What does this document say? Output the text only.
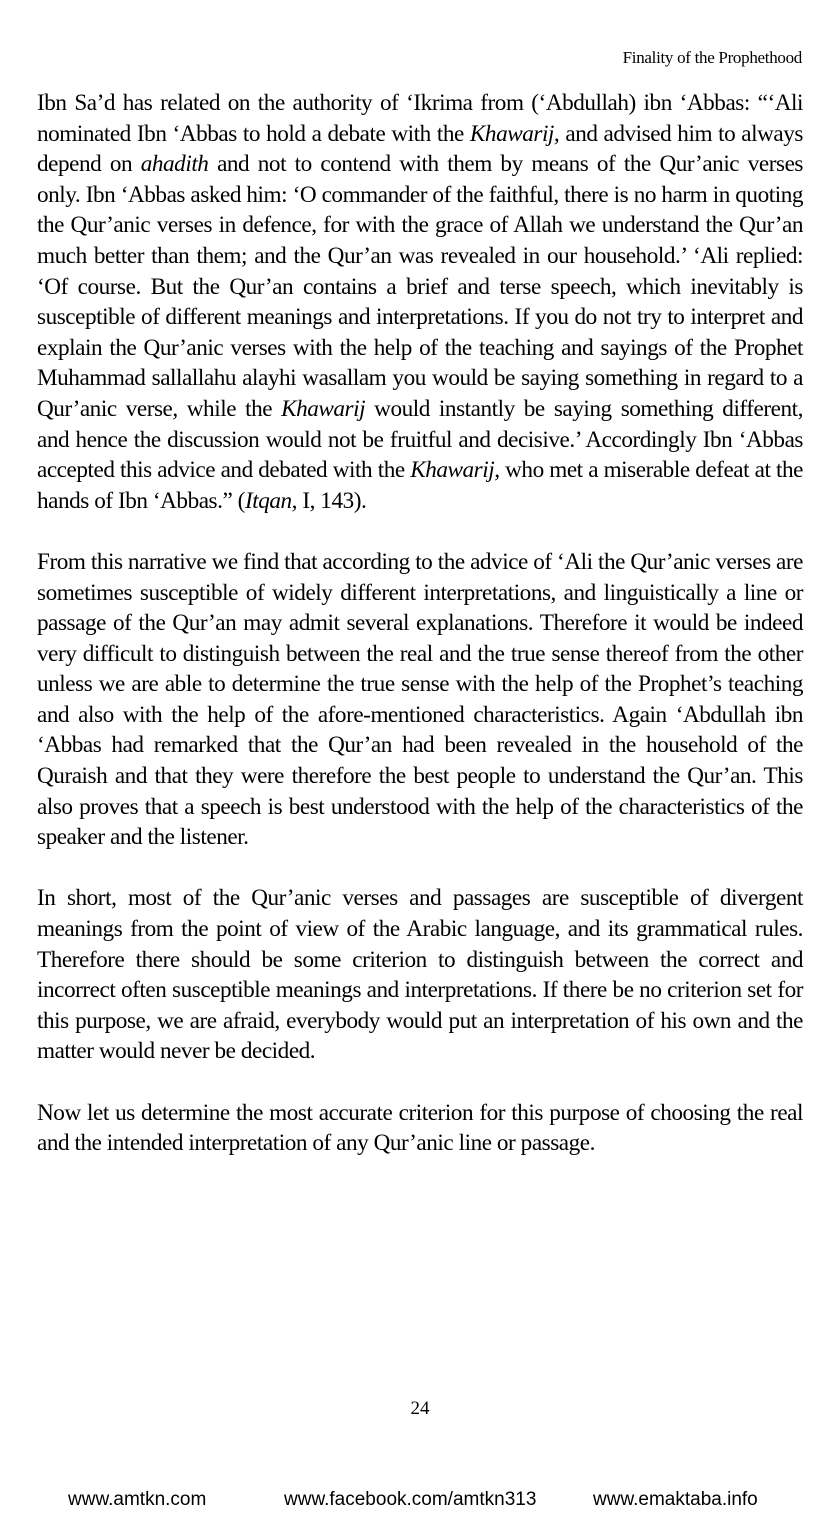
Finality of the Prophethood

Ibn Sa’d has related on the authority of ‘Ikrima from (‘Abdullah) ibn ‘Abbas: “‘Ali nominated Ibn ‘Abbas to hold a debate with the Khawarij, and advised him to always depend on ahadith and not to contend with them by means of the Qur’anic verses only. Ibn ‘Abbas asked him: ‘O commander of the faithful, there is no harm in quoting the Qur’anic verses in defence, for with the grace of Allah we understand the Qur’an much better than them; and the Qur’an was revealed in our household.’ ‘Ali replied: ‘Of course. But the Qur’an contains a brief and terse speech, which inevitably is susceptible of different meanings and interpretations. If you do not try to interpret and explain the Qur’anic verses with the help of the teaching and sayings of the Prophet Muhammad sallallahu alayhi wasallam you would be saying something in regard to a Qur’anic verse, while the Khawarij would instantly be saying something different, and hence the discussion would not be fruitful and decisive.’ Accordingly Ibn ‘Abbas accepted this advice and debated with the Khawarij, who met a miserable defeat at the hands of Ibn ‘Abbas.” (Itqan, I, 143).

From this narrative we find that according to the advice of ‘Ali the Qur’anic verses are sometimes susceptible of widely different interpretations, and linguistically a line or passage of the Qur’an may admit several explanations. Therefore it would be indeed very difficult to distinguish between the real and the true sense thereof from the other unless we are able to determine the true sense with the help of the Prophet’s teaching and also with the help of the afore-mentioned characteristics. Again ‘Abdullah ibn ‘Abbas had remarked that the Qur’an had been revealed in the household of the Quraish and that they were therefore the best people to understand the Qur’an. This also proves that a speech is best understood with the help of the characteristics of the speaker and the listener.

In short, most of the Qur’anic verses and passages are susceptible of divergent meanings from the point of view of the Arabic language, and its grammatical rules. Therefore there should be some criterion to distinguish between the correct and incorrect often susceptible meanings and interpretations. If there be no criterion set for this purpose, we are afraid, everybody would put an interpretation of his own and the matter would never be decided.

Now let us determine the most accurate criterion for this purpose of choosing the real and the intended interpretation of any Qur’anic line or passage.

24
www.amtkn.com	www.facebook.com/amtkn313	www.emaktaba.info
